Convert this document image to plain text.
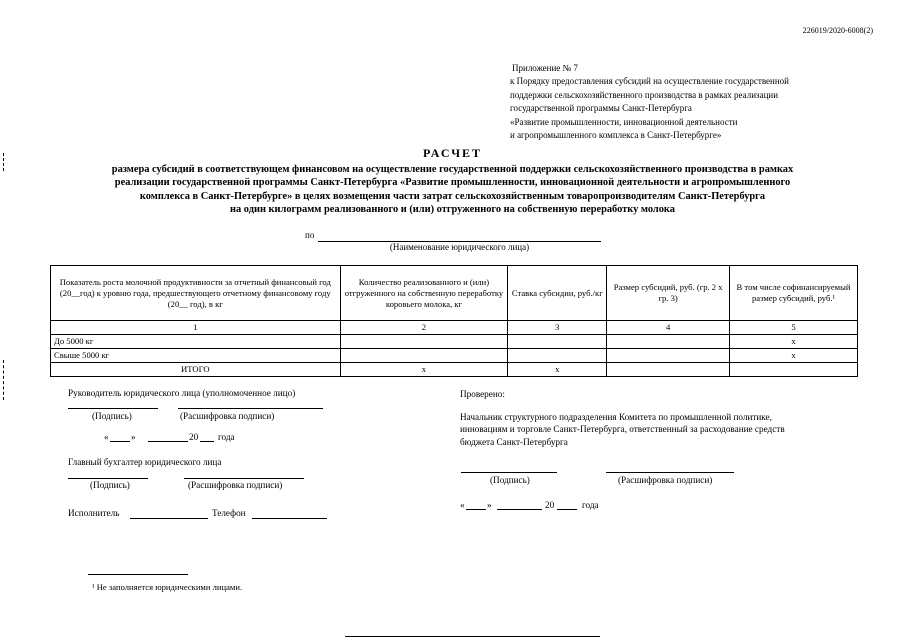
226019/2020-6008(2)
Приложение № 7
к Порядку предоставления субсидий на осуществление государственной
поддержки сельскохозяйственного производства в рамках реализации
государственной программы Санкт-Петербурга
«Развитие промышленности, инновационной деятельности
и агропромышленного комплекса в Санкт-Петербурге»
РАСЧЕТ
размера субсидий в соответствующем финансовом на осуществление государственной поддержки сельскохозяйственного производства в рамках
реализации государственной программы Санкт-Петербурга «Развитие промышленности, инновационной деятельности и агропромышленного
комплекса в Санкт-Петербурге» в целях возмещения части затрат сельскохозяйственным товаропроизводителям Санкт-Петербурга
на один килограмм реализованного и (или) отгруженного на собственную переработку молока
по
(Наименование юридического лица)
Показатель роста молочной продуктивности за отчетный финансовый год (20__год) к уровню года, предшествующего отчетному финансовому году (20__ год), в кг	Количество реализованного и (или) отгруженного на собственную переработку коровьего молока, кг	Ставка субсидии, руб./кг	Размер субсидий, руб. (гр. 2 х гр. 3)	В том числе софинансируемый размер субсидий, руб.¹
1	2	3	4	5
До 5000 кг				x
Свыше 5000 кг				x
ИТОГО	x	x		
Руководитель юридического лица (уполномоченное лицо)
(Подпись)	(Расшифровка подписи)
« »	20 года
Главный бухгалтер юридического лица
(Подпись)	(Расшифровка подписи)
Исполнитель	Телефон
Проверено:
Начальник структурного подразделения Комитета по промышленной политике,
инновациям и торговле Санкт-Петербурга, ответственный за расходование средств
бюджета Санкт-Петербурга
(Подпись)	(Расшифровка подписи)
« »	20	года
¹ Не заполняется юридическими лицами.
